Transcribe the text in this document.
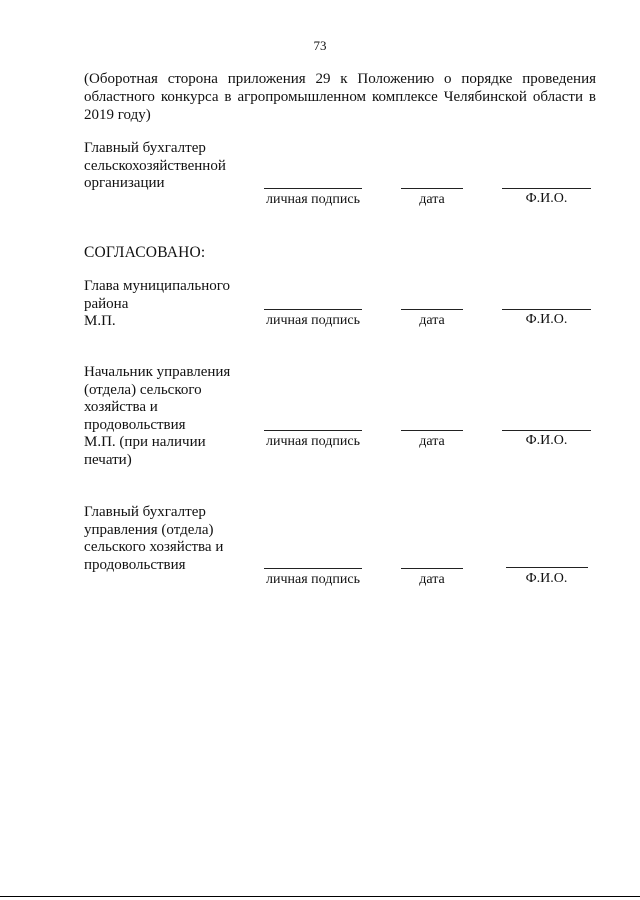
73
(Оборотная сторона приложения 29 к Положению о порядке проведения областного конкурса в агропромышленном комплексе Челябинской области в 2019 году)
Главный бухгалтер
сельскохозяйственной
организации
личная подпись	дата	Ф.И.О.
СОГЛАСОВАНО:
Глава муниципального
района
М.П.	личная подпись	дата	Ф.И.О.
Начальник управления
(отдела) сельского
хозяйства и
продовольствия
М.П. (при наличии
печати)
личная подпись	дата	Ф.И.О.
Главный бухгалтер
управления (отдела)
сельского хозяйства и
продовольствия
личная подпись	дата	Ф.И.О.
